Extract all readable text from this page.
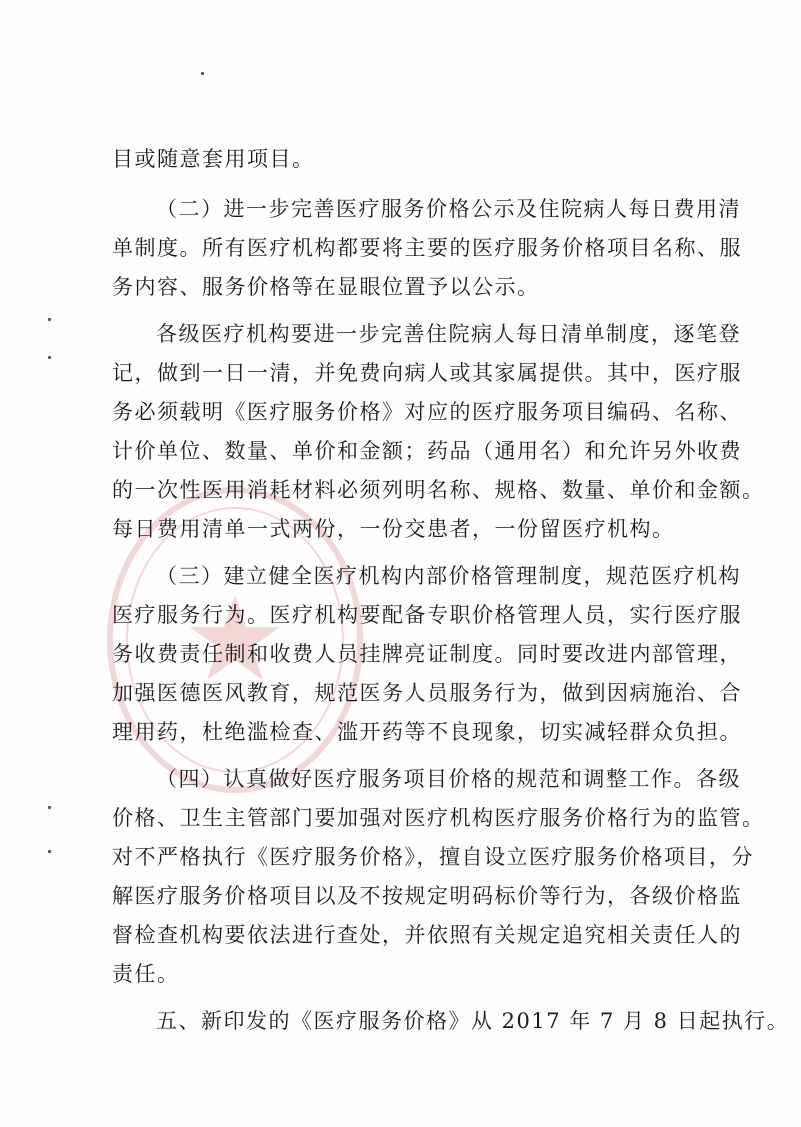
目或随意套用项目。
（二）进一步完善医疗服务价格公示及住院病人每日费用清
单制度。所有医疗机构都要将主要的医疗服务价格项目名称、服
务内容、服务价格等在显眼位置予以公示。
各级医疗机构要进一步完善住院病人每日清单制度，逐笔登
记，做到一日一清，并免费向病人或其家属提供。其中，医疗服
务必须载明《医疗服务价格》对应的医疗服务项目编码、名称、
计价单位、数量、单价和金额；药品（通用名）和允许另外收费
的一次性医用消耗材料必须列明名称、规格、数量、单价和金额。
每日费用清单一式两份，一份交患者，一份留医疗机构。
（三）建立健全医疗机构内部价格管理制度，规范医疗机构
医疗服务行为。医疗机构要配备专职价格管理人员，实行医疗服
务收费责任制和收费人员挂牌亮证制度。同时要改进内部管理，
加强医德医风教育，规范医务人员服务行为，做到因病施治、合
理用药，杜绝滥检查、滥开药等不良现象，切实减轻群众负担。
（四）认真做好医疗服务项目价格的规范和调整工作。各级
价格、卫生主管部门要加强对医疗机构医疗服务价格行为的监管。
对不严格执行《医疗服务价格》，擅自设立医疗服务价格项目，分
解医疗服务价格项目以及不按规定明码标价等行为，各级价格监
督检查机构要依法进行查处，并依照有关规定追究相关责任人的
责任。
五、新印发的《医疗服务价格》从 2017 年 7 月 8 日起执行。
